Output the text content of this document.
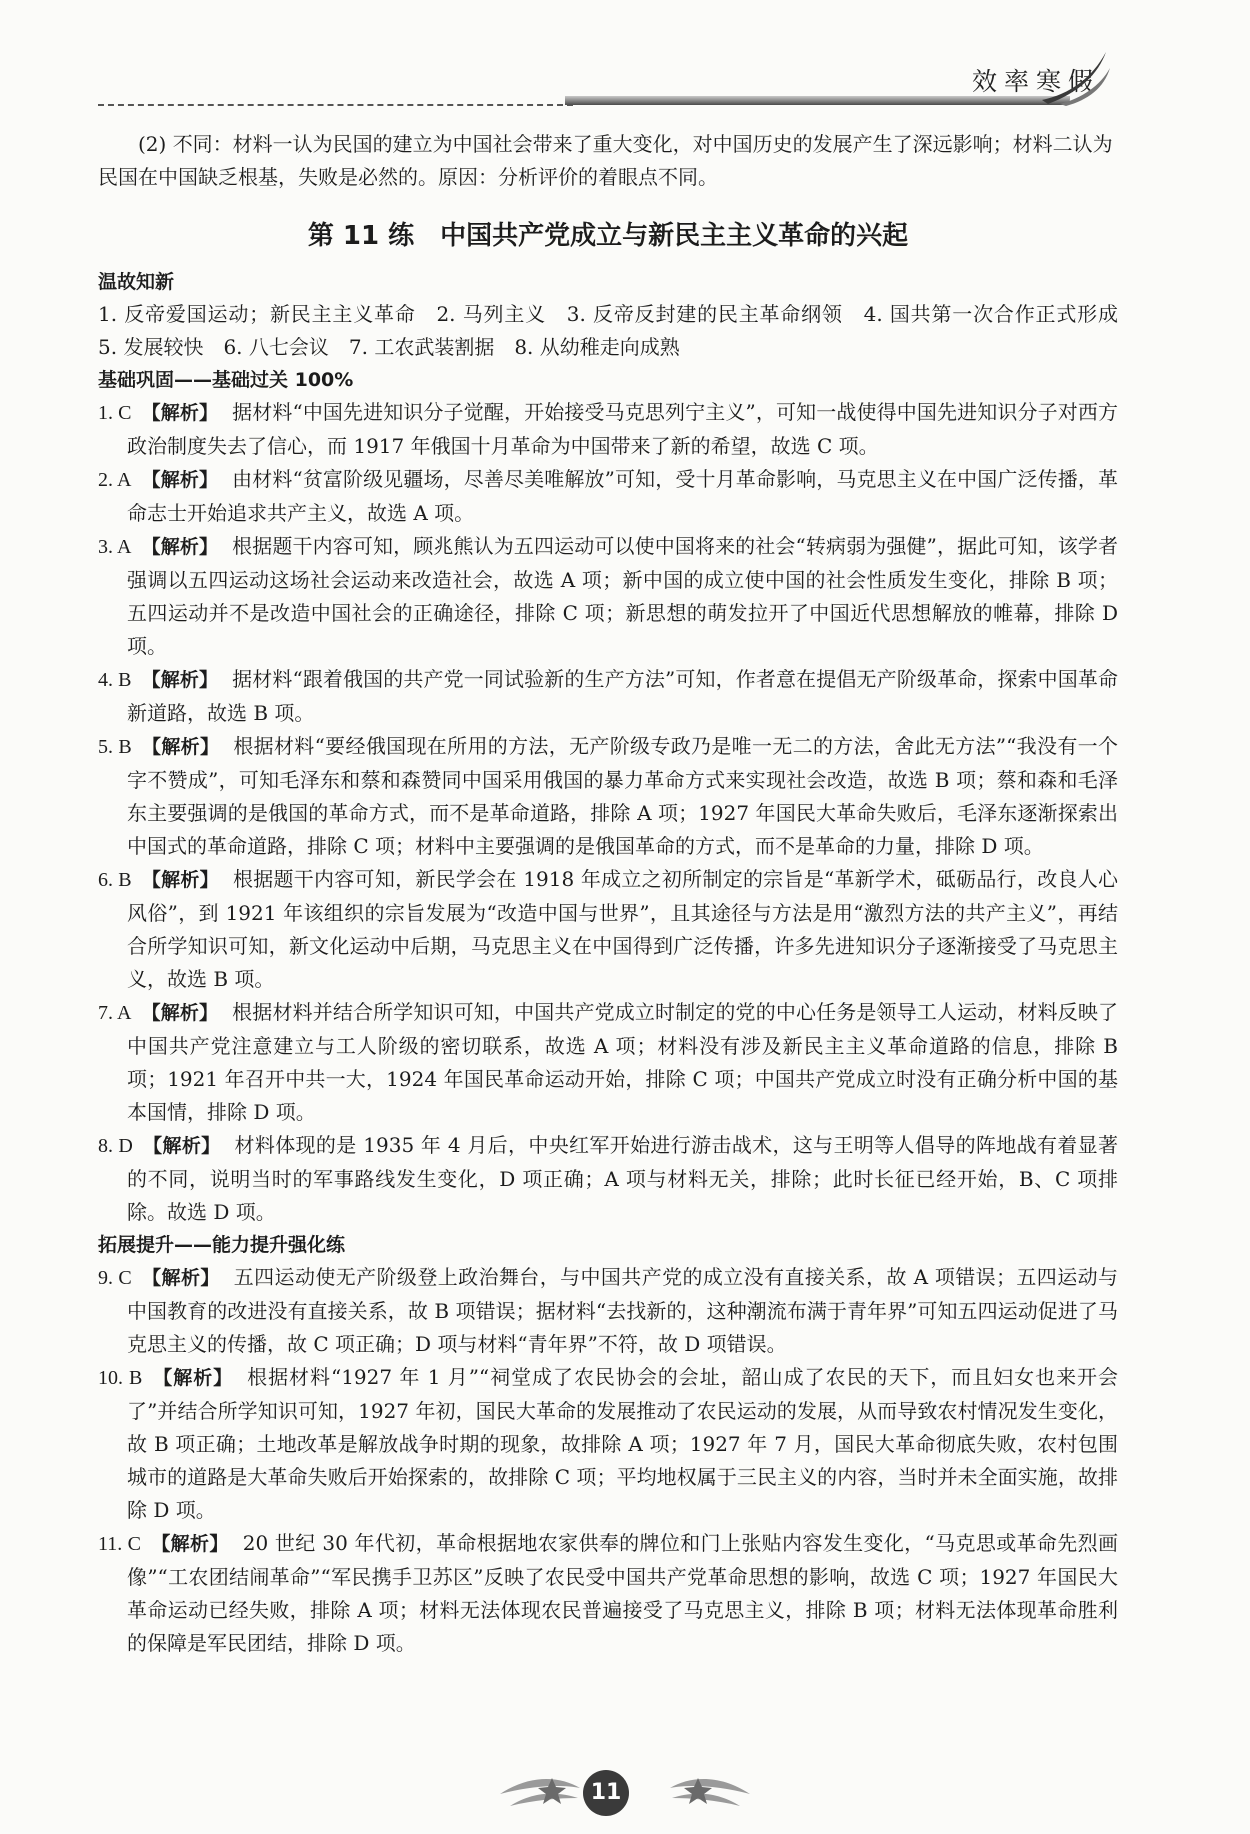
效率寒假

(2) 不同：材料一认为民国的建立为中国社会带来了重大变化，对中国历史的发展产生了深远影响；材料二认为民国在中国缺乏根基，失败是必然的。原因：分析评价的着眼点不同。

第 11 练　中国共产党成立与新民主主义革命的兴起

温故知新

1. 反帝爱国运动；新民主主义革命　2. 马列主义　3. 反帝反封建的民主革命纲领　4. 国共第一次合作正式形成　5. 发展较快　6. 八七会议　7. 工农武装割据　8. 从幼稚走向成熟

基础巩固——基础过关 100%

1. C 【解析】 据材料“中国先进知识分子觉醒，开始接受马克思列宁主义”，可知一战使得中国先进知识分子对西方政治制度失去了信心，而 1917 年俄国十月革命为中国带来了新的希望，故选 C 项。

2. A 【解析】 由材料“贫富阶级见疆场，尽善尽美唯解放”可知，受十月革命影响，马克思主义在中国广泛传播，革命志士开始追求共产主义，故选 A 项。

3. A 【解析】 根据题干内容可知，顾兆熊认为五四运动可以使中国将来的社会“转病弱为强健”，据此可知，该学者强调以五四运动这场社会运动来改造社会，故选 A 项；新中国的成立使中国的社会性质发生变化，排除 B 项；五四运动并不是改造中国社会的正确途径，排除 C 项；新思想的萌发拉开了中国近代思想解放的帷幕，排除 D 项。

4. B 【解析】 据材料“跟着俄国的共产党一同试验新的生产方法”可知，作者意在提倡无产阶级革命，探索中国革命新道路，故选 B 项。

5. B 【解析】 根据材料“要经俄国现在所用的方法，无产阶级专政乃是唯一无二的方法，舍此无方法”“我没有一个字不赞成”，可知毛泽东和蔡和森赞同中国采用俄国的暴力革命方式来实现社会改造，故选 B 项；蔡和森和毛泽东主要强调的是俄国的革命方式，而不是革命道路，排除 A 项；1927 年国民大革命失败后，毛泽东逐渐探索出中国式的革命道路，排除 C 项；材料中主要强调的是俄国革命的方式，而不是革命的力量，排除 D 项。

6. B 【解析】 根据题干内容可知，新民学会在 1918 年成立之初所制定的宗旨是“革新学术，砥砺品行，改良人心风俗”，到 1921 年该组织的宗旨发展为“改造中国与世界”，且其途径与方法是用“激烈方法的共产主义”，再结合所学知识可知，新文化运动中后期，马克思主义在中国得到广泛传播，许多先进知识分子逐渐接受了马克思主义，故选 B 项。

7. A 【解析】 根据材料并结合所学知识可知，中国共产党成立时制定的党的中心任务是领导工人运动，材料反映了中国共产党注意建立与工人阶级的密切联系，故选 A 项；材料没有涉及新民主主义革命道路的信息，排除 B 项；1921 年召开中共一大，1924 年国民革命运动开始，排除 C 项；中国共产党成立时没有正确分析中国的基本国情，排除 D 项。

8. D 【解析】 材料体现的是 1935 年 4 月后，中央红军开始进行游击战术，这与王明等人倡导的阵地战有着显著的不同，说明当时的军事路线发生变化，D 项正确；A 项与材料无关，排除；此时长征已经开始，B、C 项排除。故选 D 项。

拓展提升——能力提升强化练

9. C 【解析】 五四运动使无产阶级登上政治舞台，与中国共产党的成立没有直接关系，故 A 项错误；五四运动与中国教育的改进没有直接关系，故 B 项错误；据材料“去找新的，这种潮流布满于青年界”可知五四运动促进了马克思主义的传播，故 C 项正确；D 项与材料“青年界”不符，故 D 项错误。

10. B 【解析】 根据材料“1927 年 1 月”“祠堂成了农民协会的会址，韶山成了农民的天下，而且妇女也来开会了”并结合所学知识可知，1927 年初，国民大革命的发展推动了农民运动的发展，从而导致农村情况发生变化，故 B 项正确；土地改革是解放战争时期的现象，故排除 A 项；1927 年 7 月，国民大革命彻底失败，农村包围城市的道路是大革命失败后开始探索的，故排除 C 项；平均地权属于三民主义的内容，当时并未全面实施，故排除 D 项。

11. C 【解析】 20 世纪 30 年代初，革命根据地农家供奉的牌位和门上张贴内容发生变化，“马克思或革命先烈画像”“工农团结闹革命”“军民携手卫苏区”反映了农民受中国共产党革命思想的影响，故选 C 项；1927 年国民大革命运动已经失败，排除 A 项；材料无法体现农民普遍接受了马克思主义，排除 B 项；材料无法体现革命胜利的保障是军民团结，排除 D 项。

11
